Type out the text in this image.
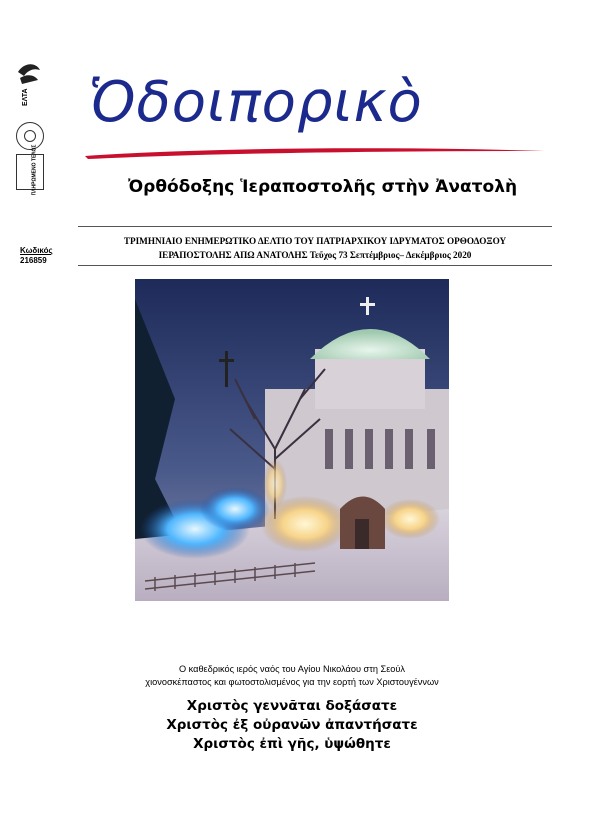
ΕΛΤΑ
ΠΛΗΡΩΜΕΝΟ ΤΕΛΟΣ
Κωδικός
216859
Ὁδοιπορικὸ
Ὀρθόδοξης Ἱεραποστολῆς στὴν Ἀνατολὴ
ΤΡΙΜΗΝΙΑΙΟ ΕΝΗΜΕΡΩΤΙΚΟ ΔΕΛΤΙΟ ΤΟΥ ΠΑΤΡΙΑΡΧΙΚΟΥ ΙΔΡΥΜΑΤΟΣ ΟΡΘΟΔΟΞΟΥ
ΙΕΡΑΠΟΣΤΟΛΗΣ ΑΠΩ ΑΝΑΤΟΛΗΣ Τεῦχος 73 Σεπτέμβριος– Δεκέμβριος 2020
Ο καθεδρικός ιερός ναός του Αγίου Νικολάου στη Σεούλ
χιονοσκέπαστος και φωτοστολισμένος για την εορτή των Χριστουγέννων
Χριστὸς γεννᾶται δοξάσατε
Χριστὸς ἐξ οὐρανῶν ἀπαντήσατε
Χριστὸς ἐπὶ γῆς, ὑψώθητε
